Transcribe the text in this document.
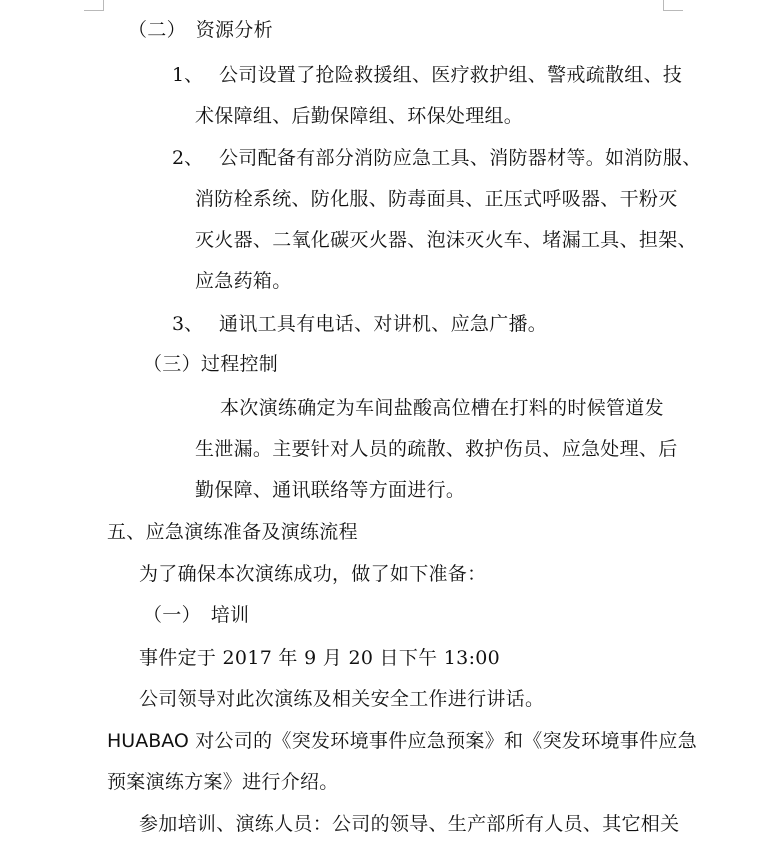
（二）　资源分析
1、 公司设置了抢险救援组、医疗救护组、警戒疏散组、技
术保障组、后勤保障组、环保处理组。
2、 公司配备有部分消防应急工具、消防器材等。如消防服、
消防栓系统、防化服、防毒面具、正压式呼吸器、干粉灭
灭火器、二氧化碳灭火器、泡沫灭火车、堵漏工具、担架、
应急药箱。
3、 通讯工具有电话、对讲机、应急广播。
（三）过程控制
本次演练确定为车间盐酸高位槽在打料的时候管道发
生泄漏。主要针对人员的疏散、救护伤员、应急处理、后
勤保障、通讯联络等方面进行。
五、应急演练准备及演练流程
为了确保本次演练成功，做了如下准备：
（一）　培训
事件定于 2017 年 9 月 20 日下午 13:00
公司领导对此次演练及相关安全工作进行讲话。
HUABAO 对公司的《突发环境事件应急预案》和《突发环境事件应急
预案演练方案》进行介绍。
参加培训、演练人员：公司的领导、生产部所有人员、其它相关
